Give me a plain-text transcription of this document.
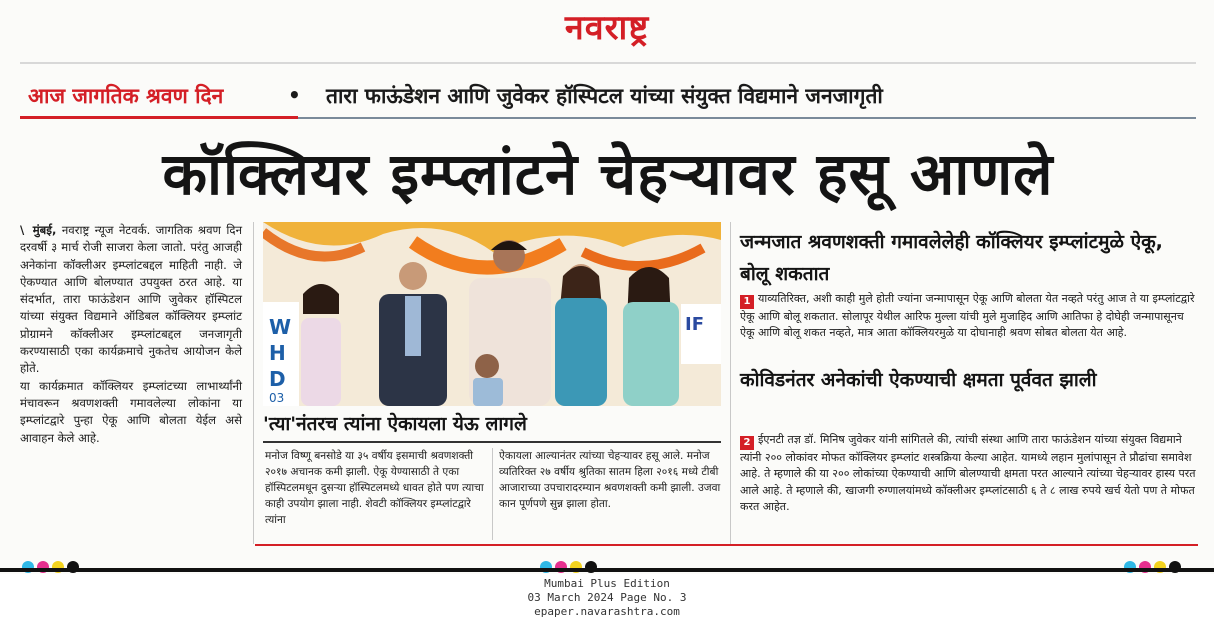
नवराष्ट्र
आज जागतिक श्रवण दिन	• तारा फाऊंडेशन आणि जुवेकर हॉस्पिटल यांच्या संयुक्त विद्यमाने जनजागृती
कॉक्लियर इम्प्लांटने चेहऱ्यावर हसू आणले

\ मुंबई, नवराष्ट्र न्यूज नेटवर्क. जागतिक श्रवण दिन दरवर्षी ३ मार्च रोजी साजरा केला जातो. परंतु आजही अनेकांना कॉक्लीअर इम्प्लांटबद्दल माहिती नाही. जे ऐकण्यात आणि बोलण्यात उपयुक्त ठरत आहे. या संदर्भात, तारा फाऊंडेशन आणि जुवेकर हॉस्पिटल यांच्या संयुक्त विद्यमाने ऑडिबल कॉक्लियर इम्प्लांट प्रोग्रामने कॉक्लीअर इम्प्लांटबद्दल जनजागृती करण्यासाठी एका कार्यक्रमाचे नुकतेच आयोजन केले होते.

या कार्यक्रमात कॉक्लियर इम्प्लांटच्या लाभार्थ्यांनी मंचावरून श्रवणशक्ती गमावलेल्या लोकांना या इम्प्लांटद्वारे पुन्हा ऐकू आणि बोलता येईल असे आवाहन केले आहे.

W
H
D
03
IF
'त्या'नंतरच त्यांना ऐकायला येऊ लागले
मनोज विष्णू बनसोडे या ३५ वर्षीय इसमाची श्रवणशक्ती २०१७ अचानक कमी झाली. ऐकू येण्यासाठी ते एका हॉस्पिटलमधून दुसऱ्या हॉस्पिटलमध्ये धावत होते पण त्याचा काही उपयोग झाला नाही. शेवटी कॉक्लियर इम्प्लांटद्वारे त्यांना
ऐकायला आल्यानंतर त्यांच्या चेहऱ्यावर हसू आले. मनोज व्यतिरिक्त २७ वर्षीय श्रुतिका सातम हिला २०१६ मध्ये टीबी आजाराच्या उपचारादरम्यान श्रवणशक्ती कमी झाली. उजवा कान पूर्णपणे सुन्न झाला होता.
जन्मजात श्रवणशक्ती गमावलेलेही कॉक्लियर इम्प्लांटमुळे ऐकू, बोलू शकतात
1 याव्यतिरिक्त, अशी काही मुले होती ज्यांना जन्मापासून ऐकू आणि बोलता येत नव्हते परंतु आज ते या इम्प्लांटद्वारे ऐकू आणि बोलू शकतात. सोलापूर येथील आरिफ मुल्ला यांची मुले मुजाहिद आणि आतिफा हे दोघेही जन्मापासूनच ऐकू आणि बोलू शकत नव्हते, मात्र आता कॉक्लियरमुळे या दोघानाही श्रवण सोबत बोलता येत आहे.
कोविडनंतर अनेकांची ऐकण्याची क्षमता पूर्ववत झाली
2 ईएनटी तज्ञ डॉ. मिनिष जुवेकर यांनी सांगितले की, त्यांची संस्था आणि तारा फाऊंडेशन यांच्या संयुक्त विद्यमाने त्यांनी २०० लोकांवर मोफत कॉक्लियर इम्प्लांट शस्त्रक्रिया केल्या आहेत. यामध्ये लहान मुलांपासून ते प्रौढांचा समावेश आहे. ते म्हणाले की या २०० लोकांच्या ऐकण्याची आणि बोलण्याची क्षमता परत आल्याने त्यांच्या चेहऱ्यावर हास्य परत आले आहे. ते म्हणाले की, खाजगी रुग्णालयांमध्ये कॉक्लीअर इम्प्लांटसाठी ६ ते ८ लाख रुपये खर्च येतो पण ते मोफत करत आहेत.
Mumbai Plus Edition
03 March 2024 Page No. 3
epaper.navarashtra.com
